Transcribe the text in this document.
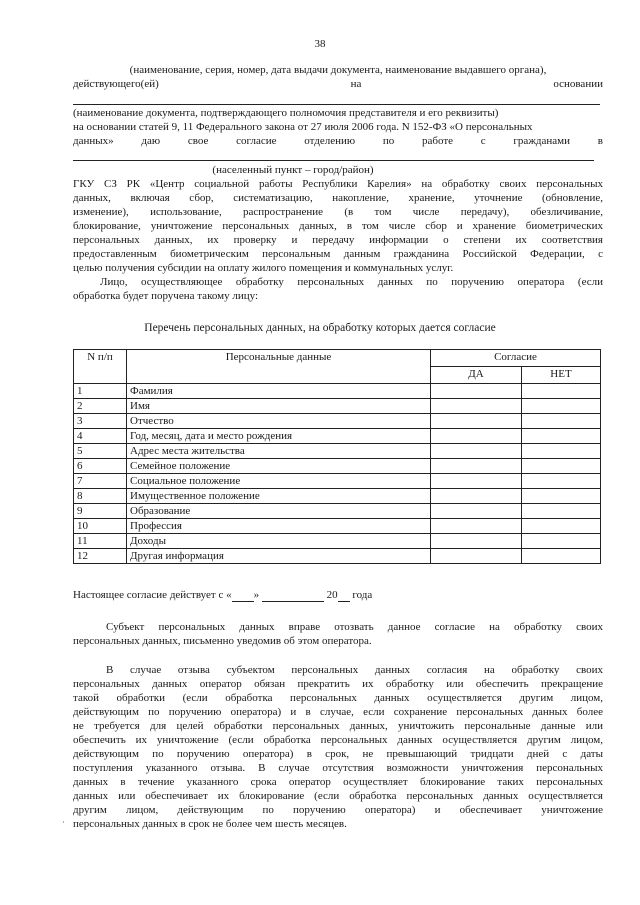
38
(наименование, серия, номер, дата выдачи документа, наименование выдавшего органа),
действующего(ей)	на	основании
(наименование документа, подтверждающего полномочия представителя и его реквизиты)
на основании статей 9, 11 Федерального закона от 27 июля 2006 года. N 152-ФЗ «О персональных
данных»	даю	свое	согласие	отделению	по	работе	с	гражданами	в
(населенный пункт – город/район)
ГКУ СЗ РК «Центр социальной работы Республики Карелия» на обработку своих персональных
данных, включая сбор, систематизацию, накопление, хранение, уточнение (обновление,
изменение), использование, распространение (в том числе передачу), обезличивание,
блокирование, уничтожение персональных данных, в том числе сбор и хранение биометрических
персональных данных, их проверку и передачу информации о степени их соответствия
предоставленным биометрическим персональным данным гражданина Российской Федерации, с
целью получения субсидии на оплату жилого помещения и коммунальных услуг.
Лицо, осуществляющее обработку персональных данных по поручению оператора (если
обработка будет поручена такому лицу:
Перечень персональных данных, на обработку которых дается согласие
N п/п	Персональные данные	Согласие	
		ДА	НЕТ
1	Фамилия		
2	Имя		
3	Отчество		
4	Год, месяц, дата и место рождения		
5	Адрес места жительства		
6	Семейное положение		
7	Социальное положение		
8	Имущественное положение		
9	Образование		
10	Профессия		
11	Доходы		
12	Другая информация		
Настоящее согласие действует с « »	20 года
Субъект персональных данных вправе отозвать данное согласие на обработку своих
персональных данных, письменно уведомив об этом оператора.
В случае отзыва субъектом персональных данных согласия на обработку своих
персональных данных оператор обязан прекратить их обработку или обеспечить прекращение
такой обработки (если обработка персональных данных осуществляется другим лицом,
действующим по поручению оператора) и в случае, если сохранение персональных данных более
не требуется для целей обработки персональных данных, уничтожить персональные данные или
обеспечить их уничтожение (если обработка персональных данных осуществляется другим лицом,
действующим по поручению оператора) в срок, не превышающий тридцати дней с даты
поступления указанного отзыва. В случае отсутствия возможности уничтожения персональных
данных в течение указанного срока оператор осуществляет блокирование таких персональных
данных или обеспечивает их блокирование (если обработка персональных данных осуществляется
другим лицом, действующим по поручению оператора) и обеспечивает уничтожение
персональных данных в срок не более чем шесть месяцев.
·
